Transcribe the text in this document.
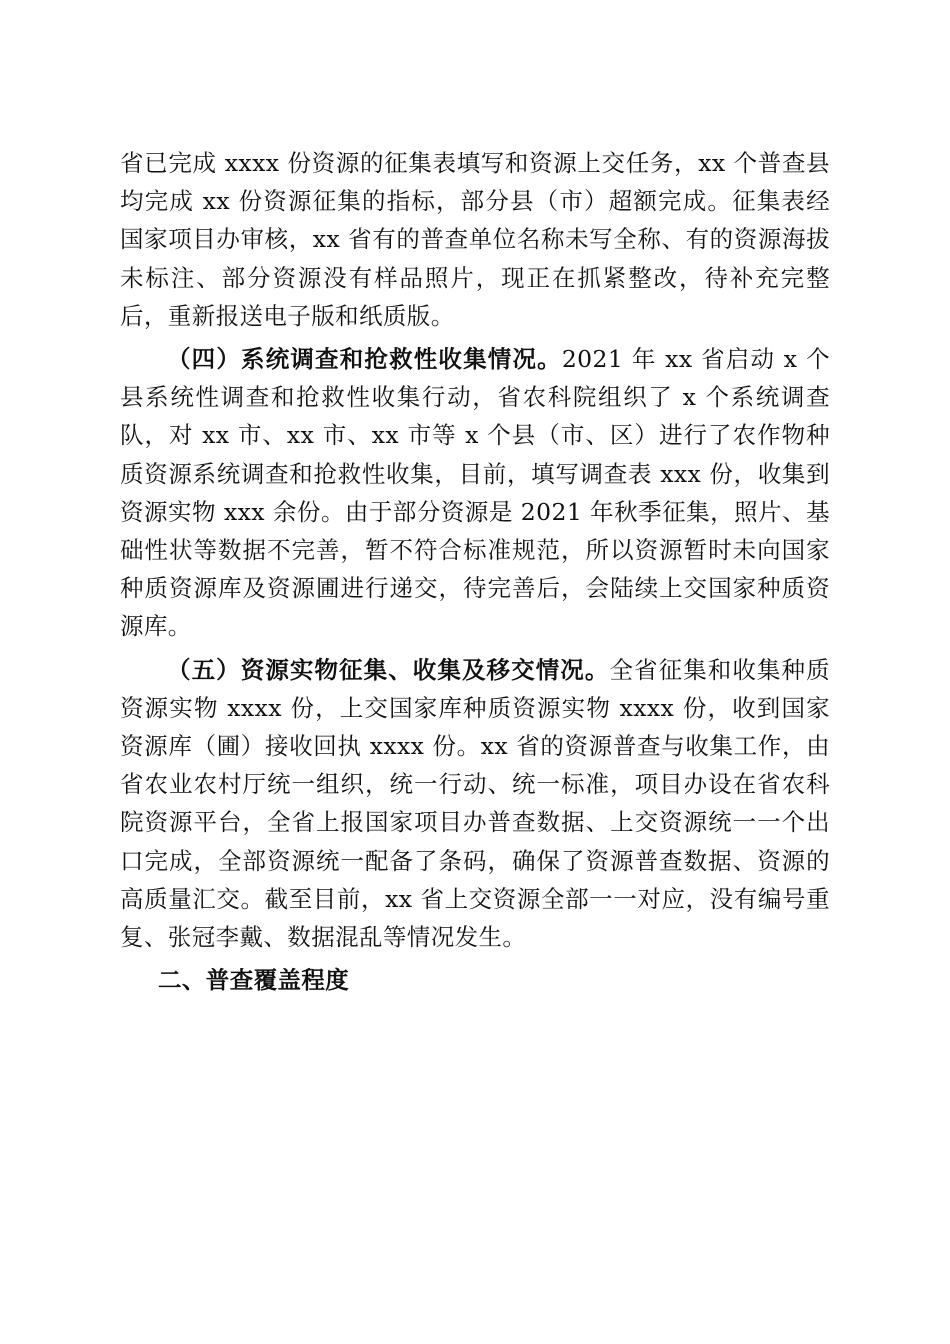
省已完成 xxxx 份资源的征集表填写和资源上交任务，xx 个普查县均完成 xx 份资源征集的指标，部分县（市）超额完成。征集表经国家项目办审核，xx 省有的普查单位名称未写全称、有的资源海拔未标注、部分资源没有样品照片，现正在抓紧整改，待补充完整后，重新报送电子版和纸质版。

（四）系统调查和抢救性收集情况。2021 年 xx 省启动 x 个县系统性调查和抢救性收集行动，省农科院组织了 x 个系统调查队，对 xx 市、xx 市、xx 市等 x 个县（市、区）进行了农作物种质资源系统调查和抢救性收集，目前，填写调查表 xxx 份，收集到资源实物 xxx 余份。由于部分资源是 2021 年秋季征集，照片、基础性状等数据不完善，暂不符合标准规范，所以资源暂时未向国家种质资源库及资源圃进行递交，待完善后，会陆续上交国家种质资源库。

（五）资源实物征集、收集及移交情况。全省征集和收集种质资源实物 xxxx 份，上交国家库种质资源实物 xxxx 份，收到国家资源库（圃）接收回执 xxxx 份。xx 省的资源普查与收集工作，由省农业农村厅统一组织，统一行动、统一标准，项目办设在省农科院资源平台，全省上报国家项目办普查数据、上交资源统一一个出口完成，全部资源统一配备了条码，确保了资源普查数据、资源的高质量汇交。截至目前，xx 省上交资源全部一一对应，没有编号重复、张冠李戴、数据混乱等情况发生。

二、普查覆盖程度
